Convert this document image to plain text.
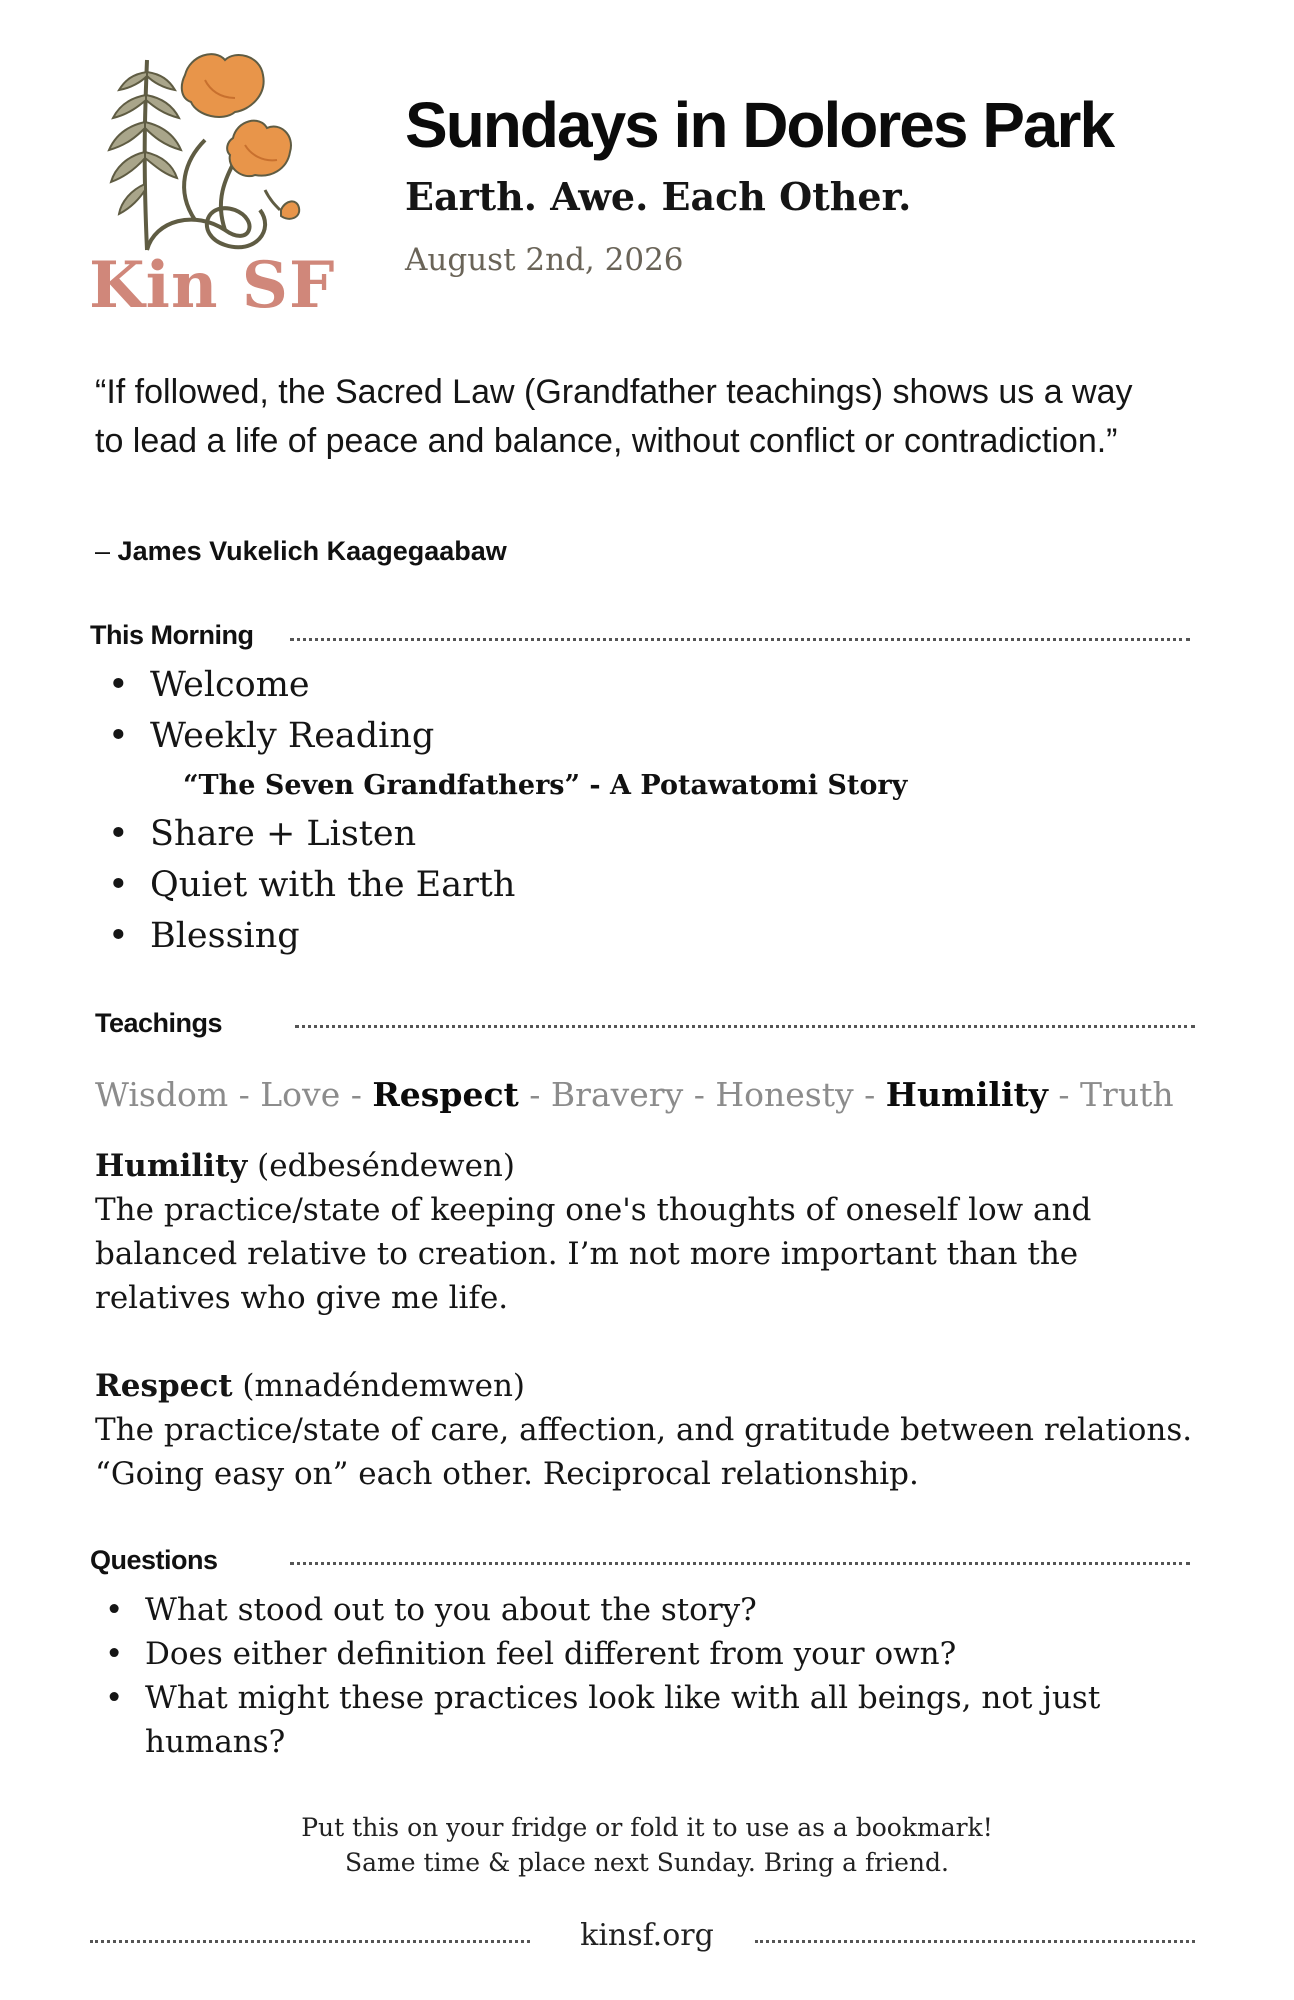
Kin SF
Sundays in Dolores Park
Earth. Awe. Each Other.
August 2nd, 2026
“If followed, the Sacred Law (Grandfather teachings) shows us a way to lead a life of peace and balance, without conflict or contradiction.”
– James Vukelich Kaagegaabaw
This Morning
• Welcome
• Weekly Reading
“The Seven Grandfathers” - A Potawatomi Story
• Share + Listen
• Quiet with the Earth
• Blessing
Teachings
Wisdom - Love - Respect - Bravery - Honesty - Humility - Truth
Humility (edbeséndewen)
The practice/state of keeping one's thoughts of oneself low and balanced relative to creation. I’m not more important than the relatives who give me life.
Respect (mnadéndemwen)
The practice/state of care, affection, and gratitude between relations. “Going easy on” each other. Reciprocal relationship.
Questions
• What stood out to you about the story?
• Does either definition feel different from your own?
• What might these practices look like with all beings, not just humans?
Put this on your fridge or fold it to use as a bookmark!
Same time & place next Sunday. Bring a friend.
kinsf.org
